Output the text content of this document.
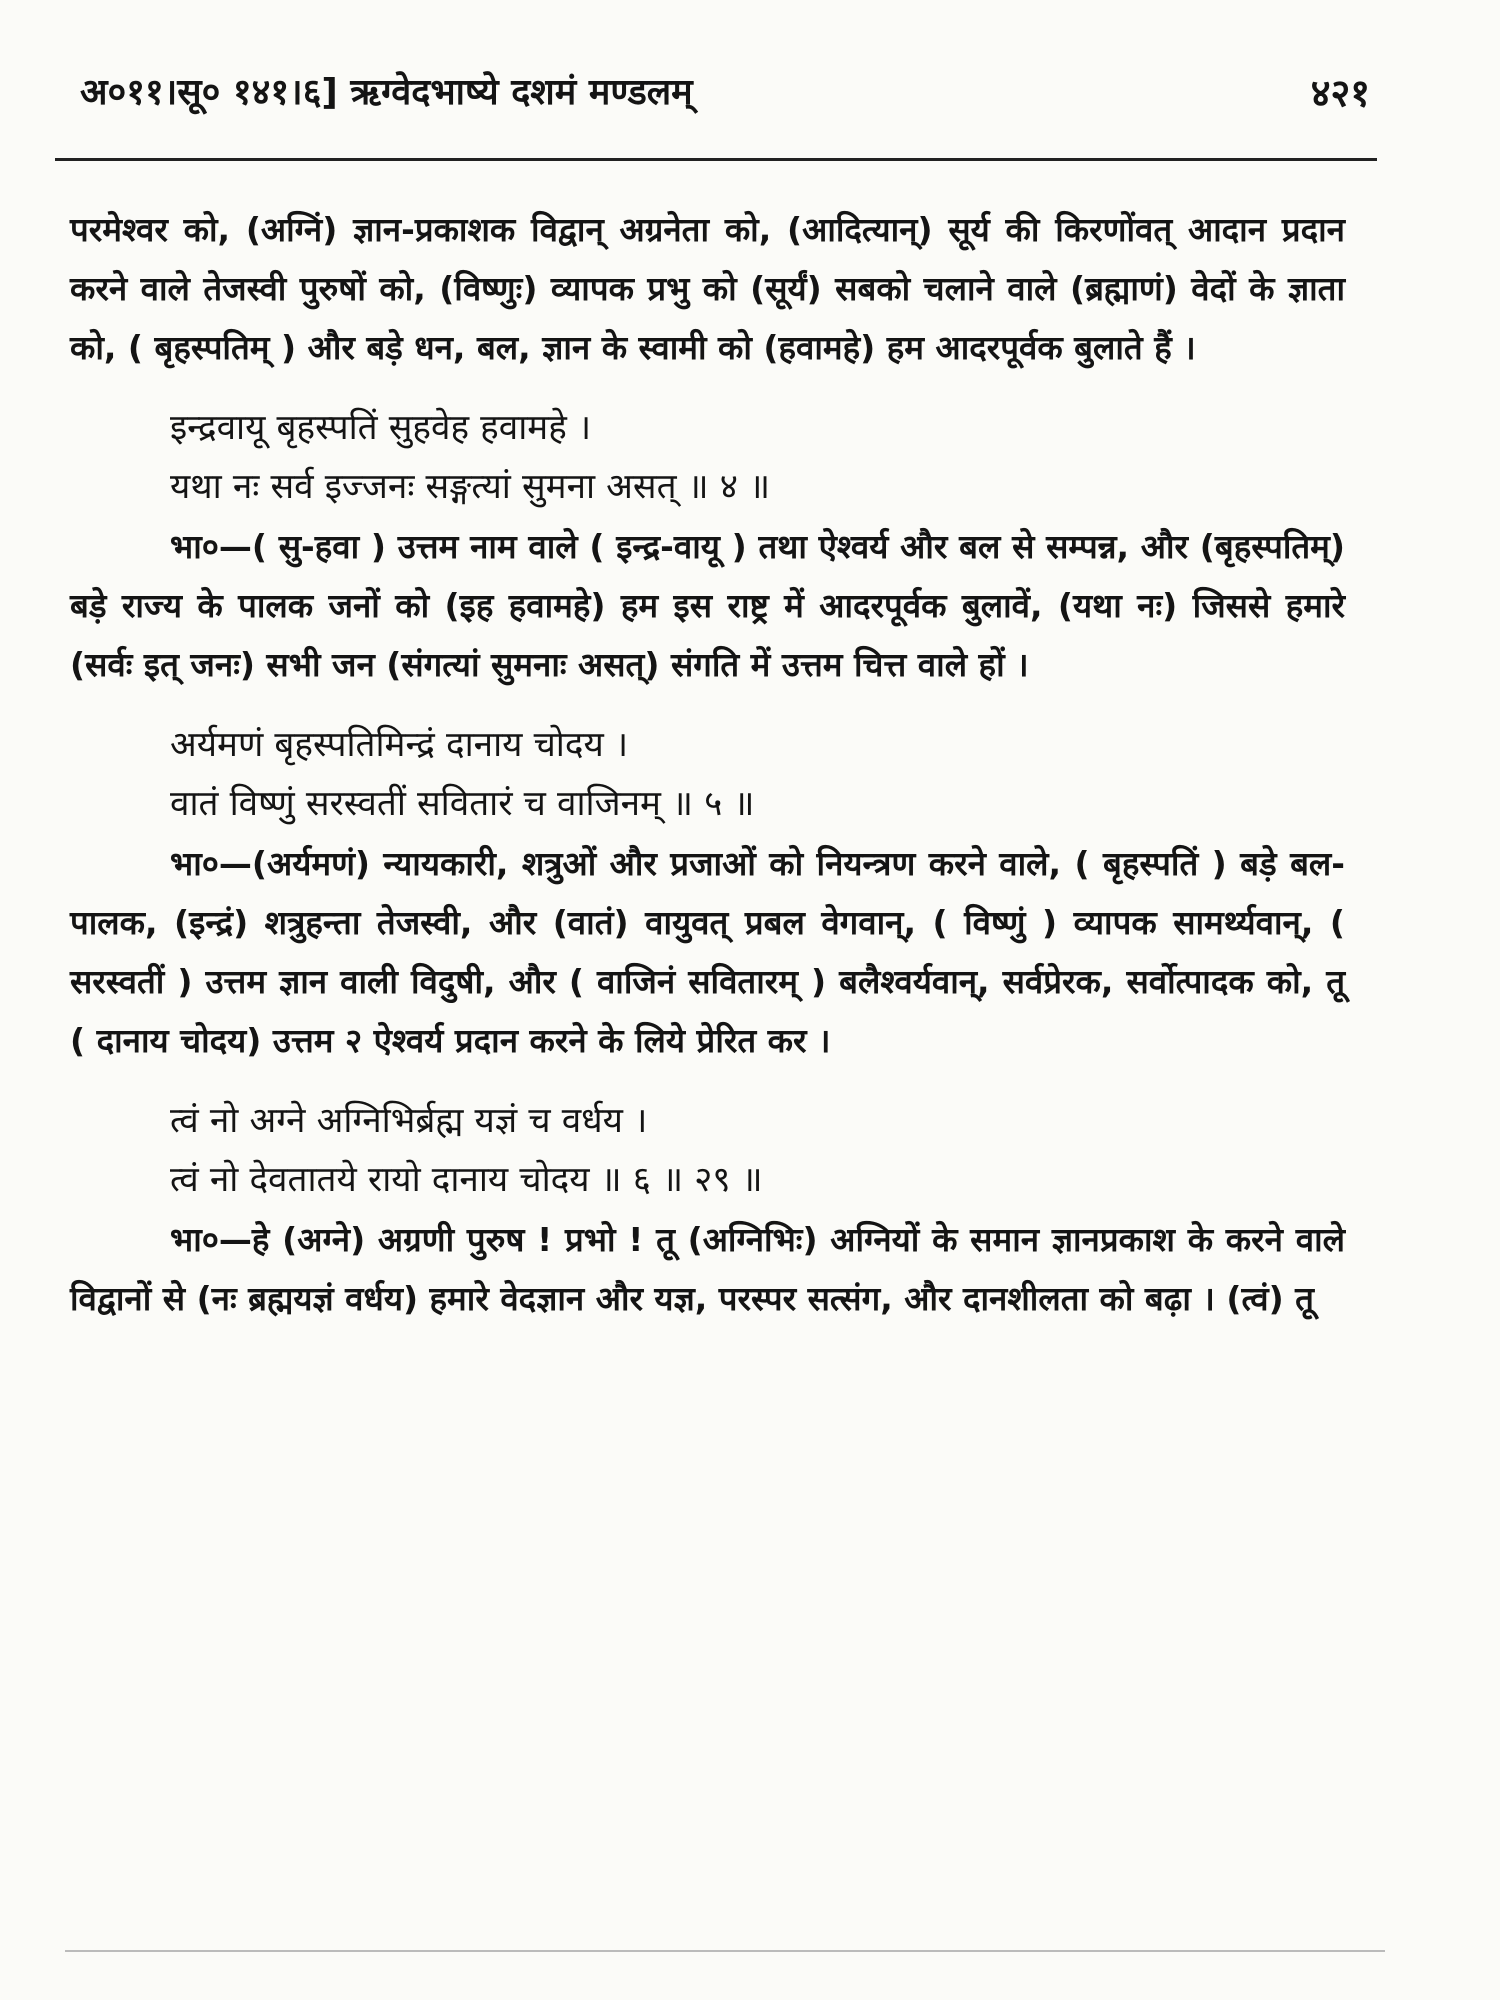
अ०११।सू० १४१।६] ऋग्वेदभाष्ये दशमं मण्डलम्	४२१

परमेश्वर को, (अग्निं) ज्ञान-प्रकाशक विद्वान् अग्रनेता को, (आदित्यान्) सूर्य की किरणोंवत् आदान प्रदान करने वाले तेजस्वी पुरुषों को, (विष्णुः) व्यापक प्रभु को (सूर्यं) सबको चलाने वाले (ब्रह्माणं) वेदों के ज्ञाता को, ( बृहस्पतिम् ) और बड़े धन, बल, ज्ञान के स्वामी को (हवामहे) हम आदरपूर्वक बुलाते हैं ।

इन्द्रवायू बृहस्पतिं सुहवेह हवामहे ।
यथा नः सर्व इज्जनः सङ्गत्यां सुमना असत् ॥ ४ ॥

भा०—( सु-हवा ) उत्तम नाम वाले ( इन्द्र-वायू ) तथा ऐश्वर्य और बल से सम्पन्न, और (बृहस्पतिम्) बड़े राज्य के पालक जनों को (इह हवामहे) हम इस राष्ट्र में आदरपूर्वक बुलावें, (यथा नः) जिससे हमारे (सर्वः इत् जनः) सभी जन (संगत्यां सुमनाः असत्) संगति में उत्तम चित्त वाले हों ।

अर्यमणं बृहस्पतिमिन्द्रं दानाय चोदय ।
वातं विष्णुं सरस्वतीं सवितारं च वाजिनम् ॥ ५ ॥

भा०—(अर्यमणं) न्यायकारी, शत्रुओं और प्रजाओं को नियन्त्रण करने वाले, ( बृहस्पतिं ) बड़े बल-पालक, (इन्द्रं) शत्रुहन्ता तेजस्वी, और (वातं) वायुवत् प्रबल वेगवान्, ( विष्णुं ) व्यापक सामर्थ्यवान्, ( सरस्वतीं ) उत्तम ज्ञान वाली विदुषी, और ( वाजिनं सवितारम् ) बलैश्वर्यवान्, सर्वप्रेरक, सर्वोत्पादक को, तू ( दानाय चोदय) उत्तम २ ऐश्वर्य प्रदान करने के लिये प्रेरित कर ।

त्वं नो अग्ने अग्निभिर्ब्रह्म यज्ञं च वर्धय ।
त्वं नो देवतातये रायो दानाय चोदय ॥ ६ ॥ २९ ॥

भा०—हे (अग्ने) अग्रणी पुरुष ! प्रभो ! तू (अग्निभिः) अग्नियों के समान ज्ञानप्रकाश के करने वाले विद्वानों से (नः ब्रह्मयज्ञं वर्धय) हमारे वेदज्ञान और यज्ञ, परस्पर सत्संग, और दानशीलता को बढ़ा । (त्वं) तू
